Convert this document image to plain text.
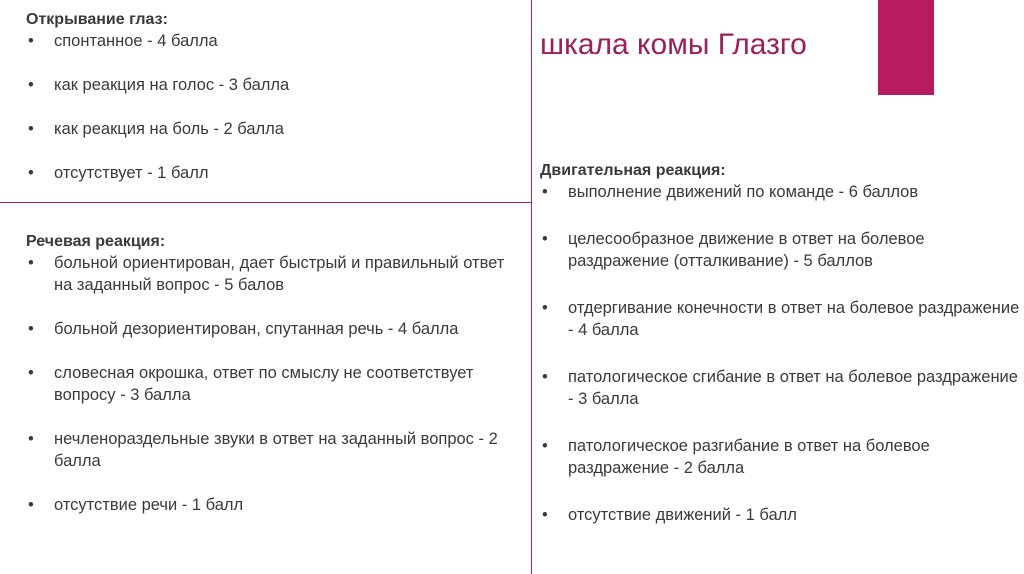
шкала комы Глазго
Открывание глаз:
• спонтанное - 4 балла
• как реакция на голос - 3 балла
• как реакция на боль - 2 балла
• отсутствует - 1 балл
Речевая реакция:
• больной ориентирован, дает быстрый и правильный ответ на заданный вопрос - 5 балов
• больной дезориентирован, спутанная речь - 4 балла
• словесная окрошка, ответ по смыслу не соответствует вопросу - 3 балла
• нечленораздельные звуки в ответ на заданный вопрос - 2 балла
• отсутствие речи - 1 балл
Двигательная реакция:
• выполнение движений по команде - 6 баллов
• целесообразное движение в ответ на болевое раздражение (отталкивание) - 5 баллов
• отдергивание конечности в ответ на болевое раздражение - 4 балла
• патологическое сгибание в ответ на болевое раздражение - 3 балла
• патологическое разгибание в ответ на болевое раздражение - 2 балла
• отсутствие движений - 1 балл
